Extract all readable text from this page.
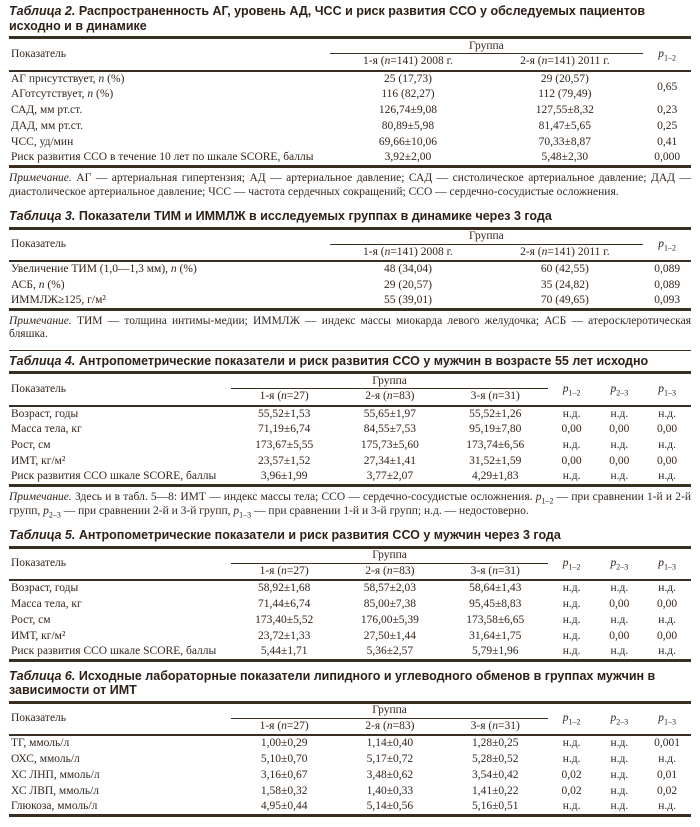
Таблица 2. Распространенность АГ, уровень АД, ЧСС и риск развития ССО у обследуемых пациентов исходно и в динамике
Показатель	Группа		$p_{1-2}$
	1-я (n=141) 2008 г.	2-я (n=141) 2011 г.	
АГ присутствует, n (%)	25 (17,73)	29 (20,57)	0,65
АГотсутствует, n (%)	116 (82,27)	112 (79,49)	
САД, мм рт.ст.	126,74±9,08	127,55±8,32	0,23
ДАД, мм рт.ст.	80,89±5,98	81,47±5,65	0,25
ЧСС, уд/мин	69,66±10,06	70,33±8,87	0,41
Риск развития ССО в течение 10 лет по шкале SCORE, баллы	3,92±2,00	5,48±2,30	0,000
Примечание. АГ — артериальная гипертензия; АД — артериальное давление; САД — систолическое артериальное давление; ДАД — диастолическое артериальное давление; ЧСС — частота сердечных сокращений; ССО — сердечно-сосудистые осложнения.
Таблица 3. Показатели ТИМ и ИММЛЖ в исследуемых группах в динамике через 3 года
Показатель	Группа		$p_{1-2}$
	1-я (n=141) 2008 г.	2-я (n=141) 2011 г.	
Увеличение ТИМ (1,0—1,3 мм), n (%)	48 (34,04)	60 (42,55)	0,089
АСБ, n (%)	29 (20,57)	35 (24,82)	0,089
ИММЛЖ≥125, г/м²	55 (39,01)	70 (49,65)	0,093
Примечание. ТИМ — толщина интимы-медии; ИММЛЖ — индекс массы миокарда левого желудочка; АСБ — атеросклеротическая бляшка.
Таблица 4. Антропометрические показатели и риск развития ССО у мужчин в возрасте 55 лет исходно
Показатель	Группа			$p_{1-2}$	$p_{2-3}$	$p_{1-3}$
	1-я (n=27)	2-я (n=83)	3-я (n=31)			
Возраст, годы	55,52±1,53	55,65±1,97	55,52±1,26	н.д.	н.д.	н.д.
Масса тела, кг	71,19±6,74	84,55±7,53	95,19±7,80	0,00	0,00	0,00
Рост, см	173,67±5,55	175,73±5,60	173,74±6,56	н.д.	н.д.	н.д.
ИМТ, кг/м²	23,57±1,52	27,34±1,41	31,52±1,59	0,00	0,00	0,00
Риск развития ССО шкале SCORE, баллы	3,96±1,99	3,77±2,07	4,29±1,83	н.д.	н.д.	н.д.
Примечание. Здесь и в табл. 5—8: ИМТ — индекс массы тела; ССО — сердечно-сосудистые осложнения. $p_{1-2}$ — при сравнении 1-й и 2-й групп, $p_{2-3}$ — при сравнении 2-й и 3-й групп, $p_{1-3}$ — при сравнении 1-й и 3-й групп; н.д. — недостоверно.
Таблица 5. Антропометрические показатели и риск развития ССО у мужчин через 3 года
Показатель	Группа			$p_{1-2}$	$p_{2-3}$	$p_{1-3}$
	1-я (n=27)	2-я (n=83)	3-я (n=31)			
Возраст, годы	58,92±1,68	58,57±2,03	58,64±1,43	н.д.	н.д.	н.д.
Масса тела, кг	71,44±6,74	85,00±7,38	95,45±8,83	н.д.	0,00	0,00
Рост, см	173,40±5,52	176,00±5,39	173,58±6,65	н.д.	н.д.	н.д.
ИМТ, кг/м²	23,72±1,33	27,50±1,44	31,64±1,75	н.д.	0,00	0,00
Риск развития ССО шкале SCORE, баллы	5,44±1,71	5,36±2,57	5,79±1,96	н.д.	н.д.	н.д.
Таблица 6. Исходные лабораторные показатели липидного и углеводного обменов в группах мужчин в зависимости от ИМТ
Показатель	Группа			$p_{1-2}$	$p_{2-3}$	$p_{1-3}$
	1-я (n=27)	2-я (n=83)	3-я (n=31)			
ТГ, ммоль/л	1,00±0,29	1,14±0,40	1,28±0,25	н.д.	н.д.	0,001
ОХС, ммоль/л	5,10±0,70	5,17±0,72	5,28±0,52	н.д.	н.д.	н.д.
ХС ЛНП, ммоль/л	3,16±0,67	3,48±0,62	3,54±0,42	0,02	н.д.	0,01
ХС ЛВП, ммоль/л	1,58±0,32	1,40±0,33	1,41±0,22	0,02	н.д.	0,02
Глюкоза, ммоль/л	4,95±0,44	5,14±0,56	5,16±0,51	н.д.	н.д.	н.д.
